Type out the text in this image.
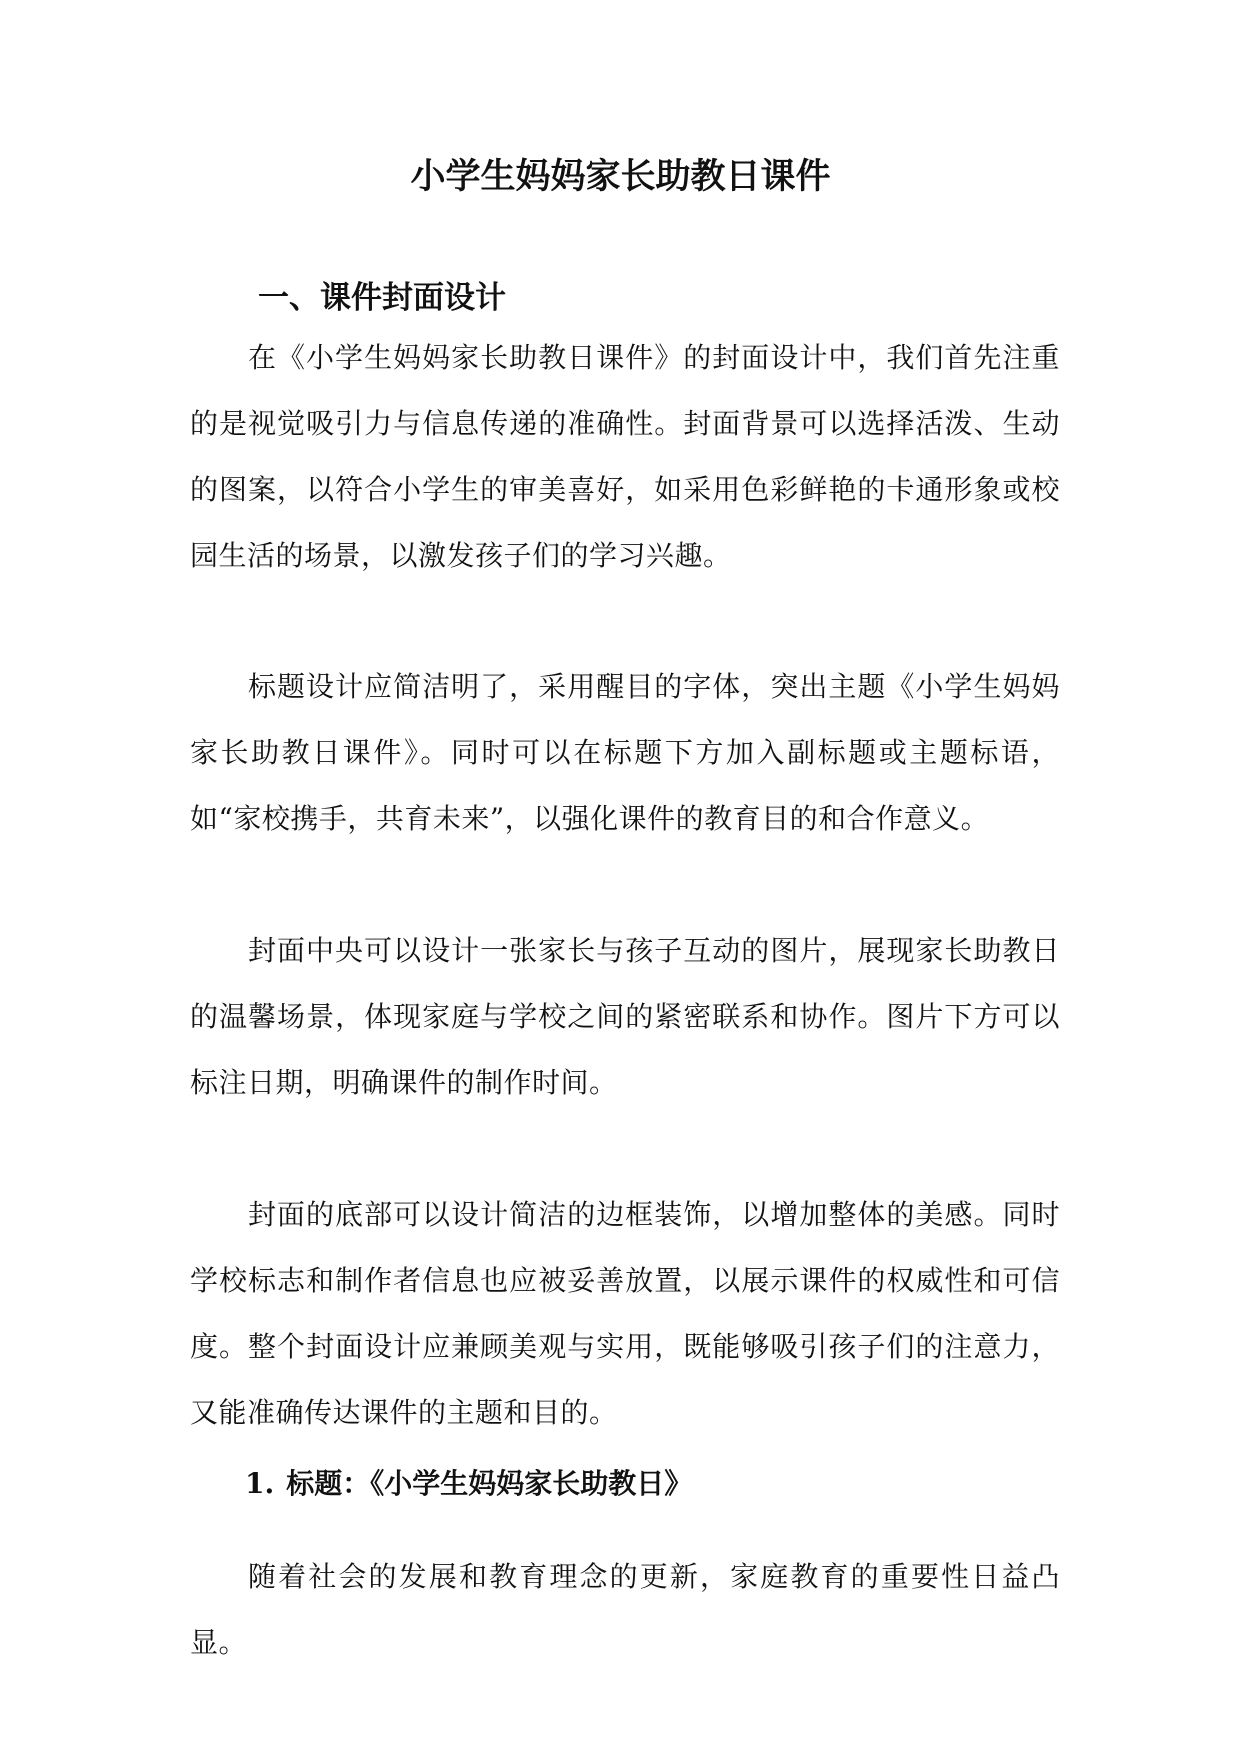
小学生妈妈家长助教日课件
一、课件封面设计

在《小学生妈妈家长助教日课件》的封面设计中，我们首先注重的是视觉吸引力与信息传递的准确性。封面背景可以选择活泼、生动的图案，以符合小学生的审美喜好，如采用色彩鲜艳的卡通形象或校园生活的场景，以激发孩子们的学习兴趣。

标题设计应简洁明了，采用醒目的字体，突出主题《小学生妈妈家长助教日课件》。同时可以在标题下方加入副标题或主题标语，如“家校携手，共育未来”，以强化课件的教育目的和合作意义。

封面中央可以设计一张家长与孩子互动的图片，展现家长助教日的温馨场景，体现家庭与学校之间的紧密联系和协作。图片下方可以标注日期，明确课件的制作时间。

封面的底部可以设计简洁的边框装饰，以增加整体的美感。同时学校标志和制作者信息也应被妥善放置，以展示课件的权威性和可信度。整个封面设计应兼顾美观与实用，既能够吸引孩子们的注意力，又能准确传达课件的主题和目的。

1. 标题：《小学生妈妈家长助教日》

随着社会的发展和教育理念的更新，家庭教育的重要性日益凸显。
